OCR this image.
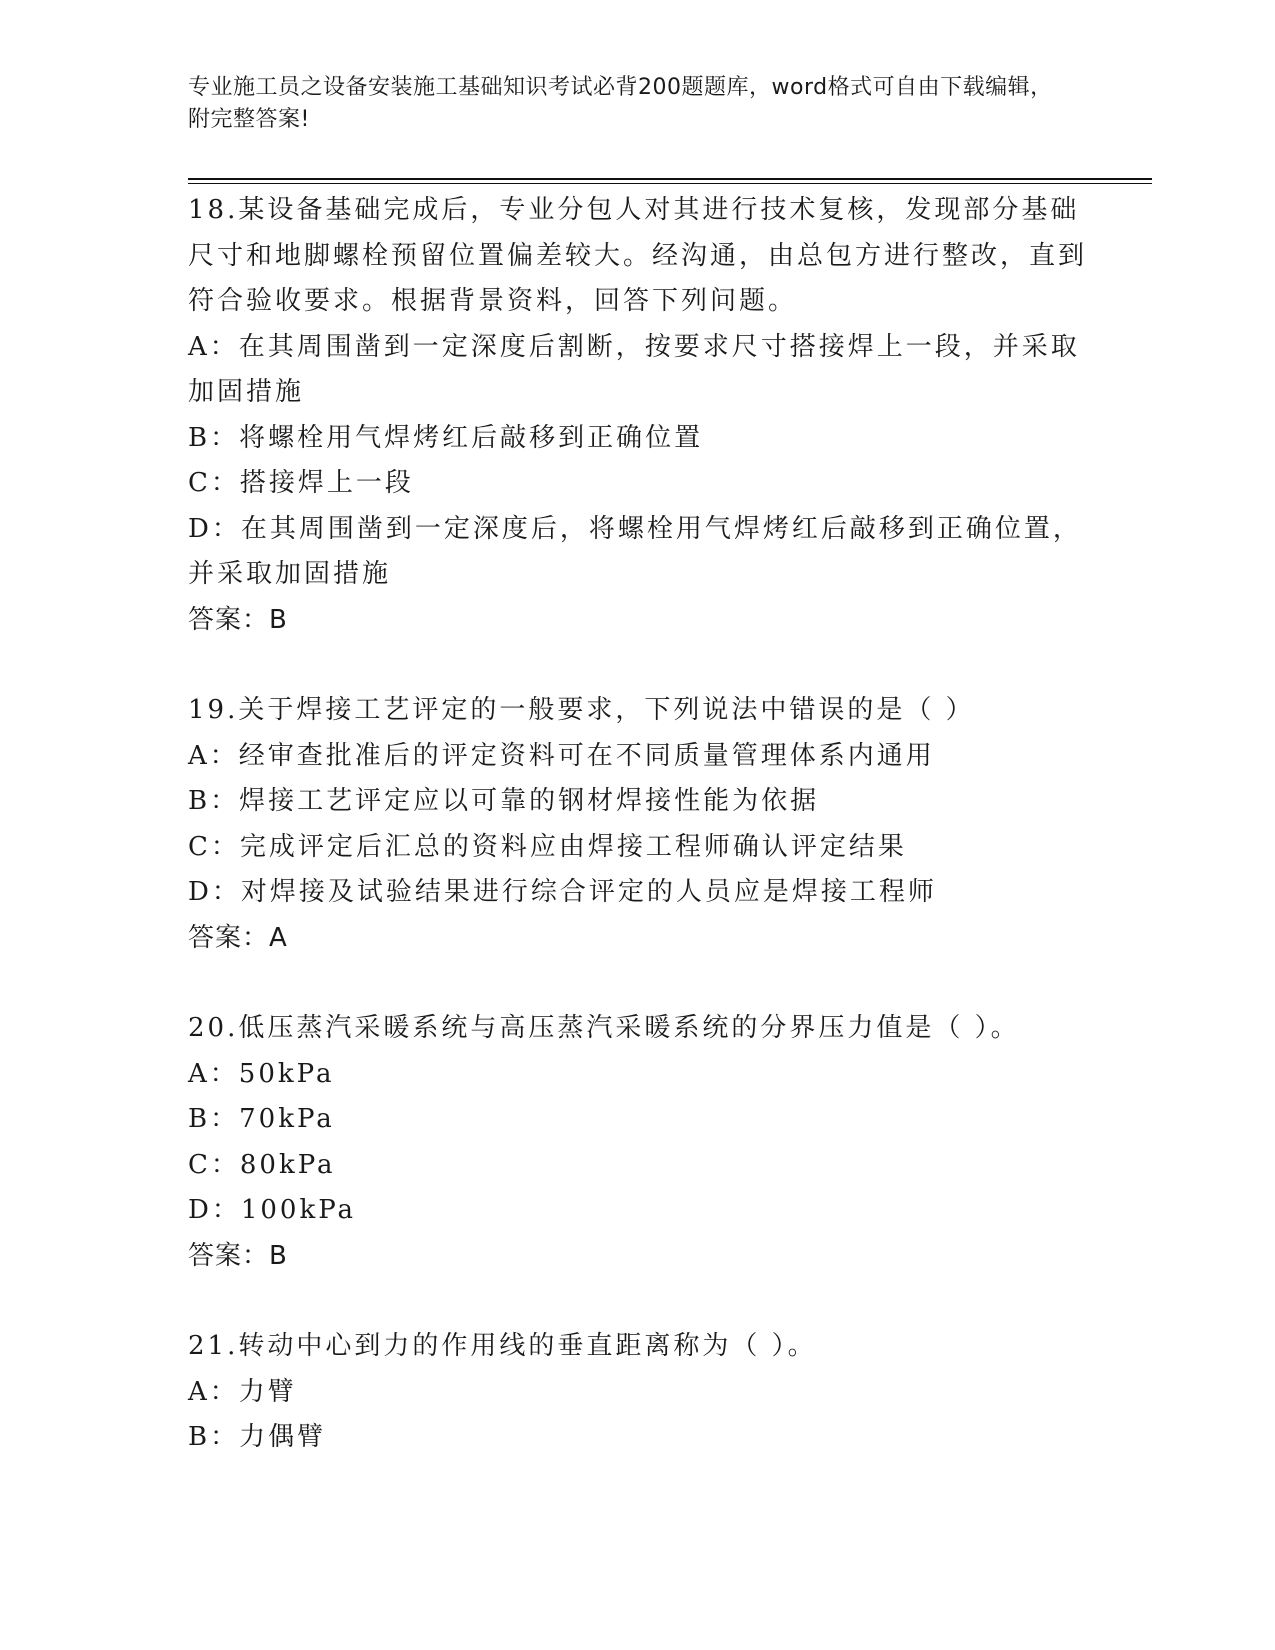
专业施工员之设备安装施工基础知识考试必背200题题库，word格式可自由下载编辑，附完整答案!

18.某设备基础完成后，专业分包人对其进行技术复核，发现部分基础尺寸和地脚螺栓预留位置偏差较大。经沟通，由总包方进行整改，直到符合验收要求。根据背景资料，回答下列问题。

A：在其周围凿到一定深度后割断，按要求尺寸搭接焊上一段，并采取加固措施

B：将螺栓用气焊烤红后敲移到正确位置

C：搭接焊上一段

D：在其周围凿到一定深度后，将螺栓用气焊烤红后敲移到正确位置，并采取加固措施

答案：B

19.关于焊接工艺评定的一般要求，下列说法中错误的是（ ）

A：经审查批准后的评定资料可在不同质量管理体系内通用

B：焊接工艺评定应以可靠的钢材焊接性能为依据

C：完成评定后汇总的资料应由焊接工程师确认评定结果

D：对焊接及试验结果进行综合评定的人员应是焊接工程师

答案：A

20.低压蒸汽采暖系统与高压蒸汽采暖系统的分界压力值是（ ）。

A：50kPa

B：70kPa

C：80kPa

D：100kPa

答案：B

21.转动中心到力的作用线的垂直距离称为（ ）。

A：力臂

B：力偶臂
